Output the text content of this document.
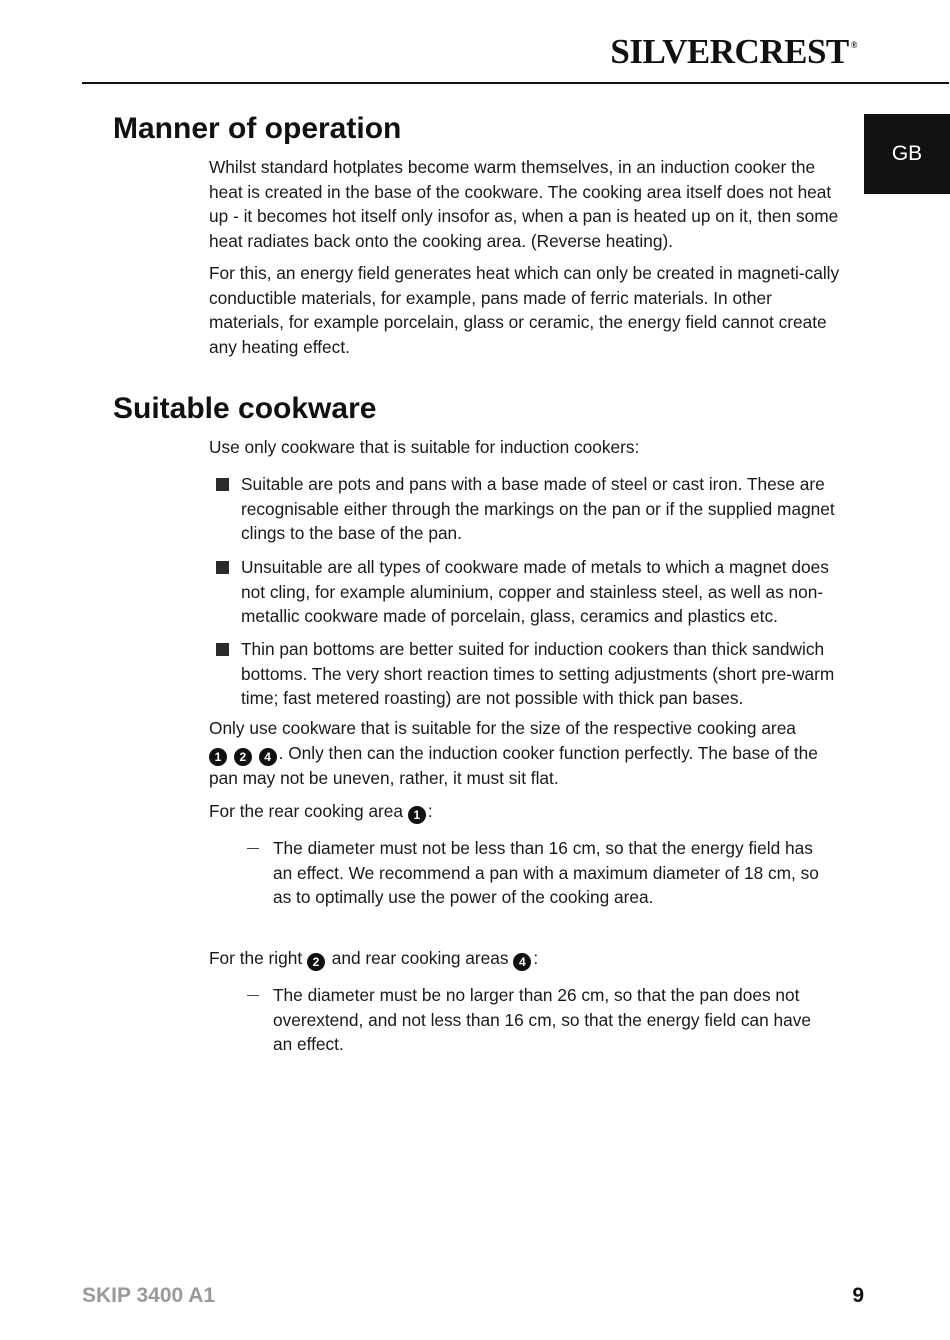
SILVERCREST ®
GB
Manner of operation

Whilst standard hotplates become warm themselves, in an induction cooker the heat is created in the base of the cookware. The cooking area itself does not heat up - it becomes hot itself only insofor as, when a pan is heated up on it, then some heat radiates back onto the cooking area. (Reverse heating).

For this, an energy field generates heat which can only be created in magneti-cally conductible materials, for example, pans made of ferric materials. In other materials, for example porcelain, glass or ceramic, the energy field cannot create any heating effect.

Suitable cookware

Use only cookware that is suitable for induction cookers:

Suitable are pots and pans with a base made of steel or cast iron. These are recognisable either through the markings on the pan or if the supplied magnet clings to the base of the pan.
Unsuitable are all types of cookware made of metals to which a magnet does not cling, for example aluminium, copper and stainless steel, as well as non-metallic cookware made of porcelain, glass, ceramics and plastics etc.
Thin pan bottoms are better suited for induction cookers than thick sandwich bottoms. The very short reaction times to setting adjustments (short pre-warm time; fast metered roasting) are not possible with thick pan bases.

Only use cookware that is suitable for the size of the respective cooking area
1 2 4 . Only then can the induction cooker function perfectly. The base of the
pan may not be uneven, rather, it must sit flat.

For the rear cooking area 1 :

The diameter must not be less than 16 cm, so that the energy field has an effect. We recommend a pan with a maximum diameter of 18 cm, so as to optimally use the power of the cooking area.

For the right 2 and rear cooking areas 4 :

The diameter must be no larger than 26 cm, so that the pan does not overextend, and not less than 16 cm, so that the energy field can have an effect.
SKIP 3400 A1	9
